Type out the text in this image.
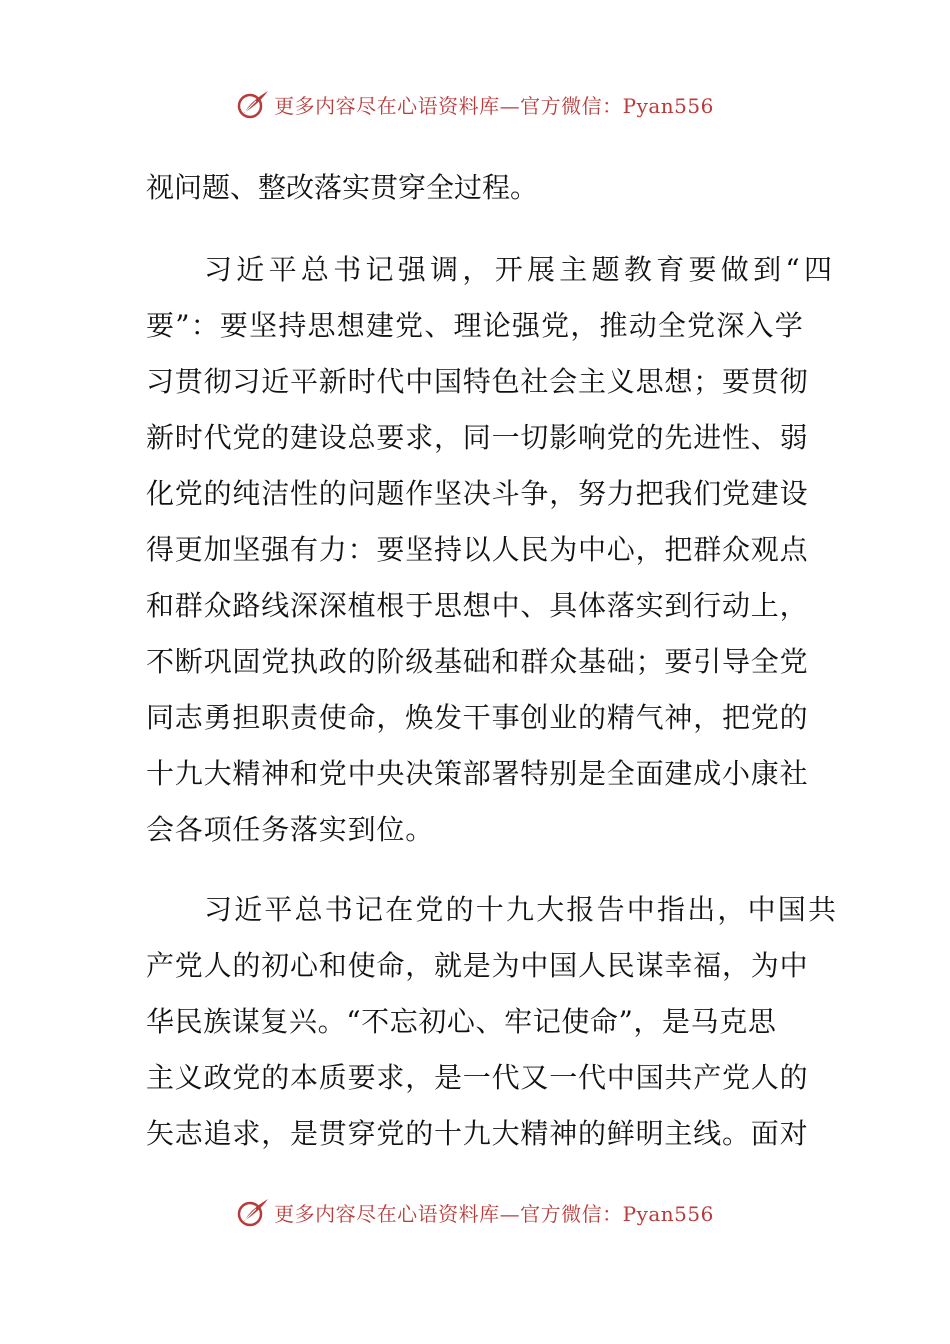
更多内容尽在心语资料库—官方微信：Pyan556
视问题、整改落实贯穿全过程。
习近平总书记强调，开展主题教育要做到“四
要”：要坚持思想建党、理论强党，推动全党深入学
习贯彻习近平新时代中国特色社会主义思想；要贯彻
新时代党的建设总要求，同一切影响党的先进性、弱
化党的纯洁性的问题作坚决斗争，努力把我们党建设
得更加坚强有力：要坚持以人民为中心，把群众观点
和群众路线深深植根于思想中、具体落实到行动上，
不断巩固党执政的阶级基础和群众基础；要引导全党
同志勇担职责使命，焕发干事创业的精气神，把党的
十九大精神和党中央决策部署特别是全面建成小康社
会各项任务落实到位。
习近平总书记在党的十九大报告中指出，中国共
产党人的初心和使命，就是为中国人民谋幸福，为中
华民族谋复兴。“不忘初心、牢记使命”，是马克思
主义政党的本质要求，是一代又一代中国共产党人的
矢志追求，是贯穿党的十九大精神的鲜明主线。面对
更多内容尽在心语资料库—官方微信：Pyan556
